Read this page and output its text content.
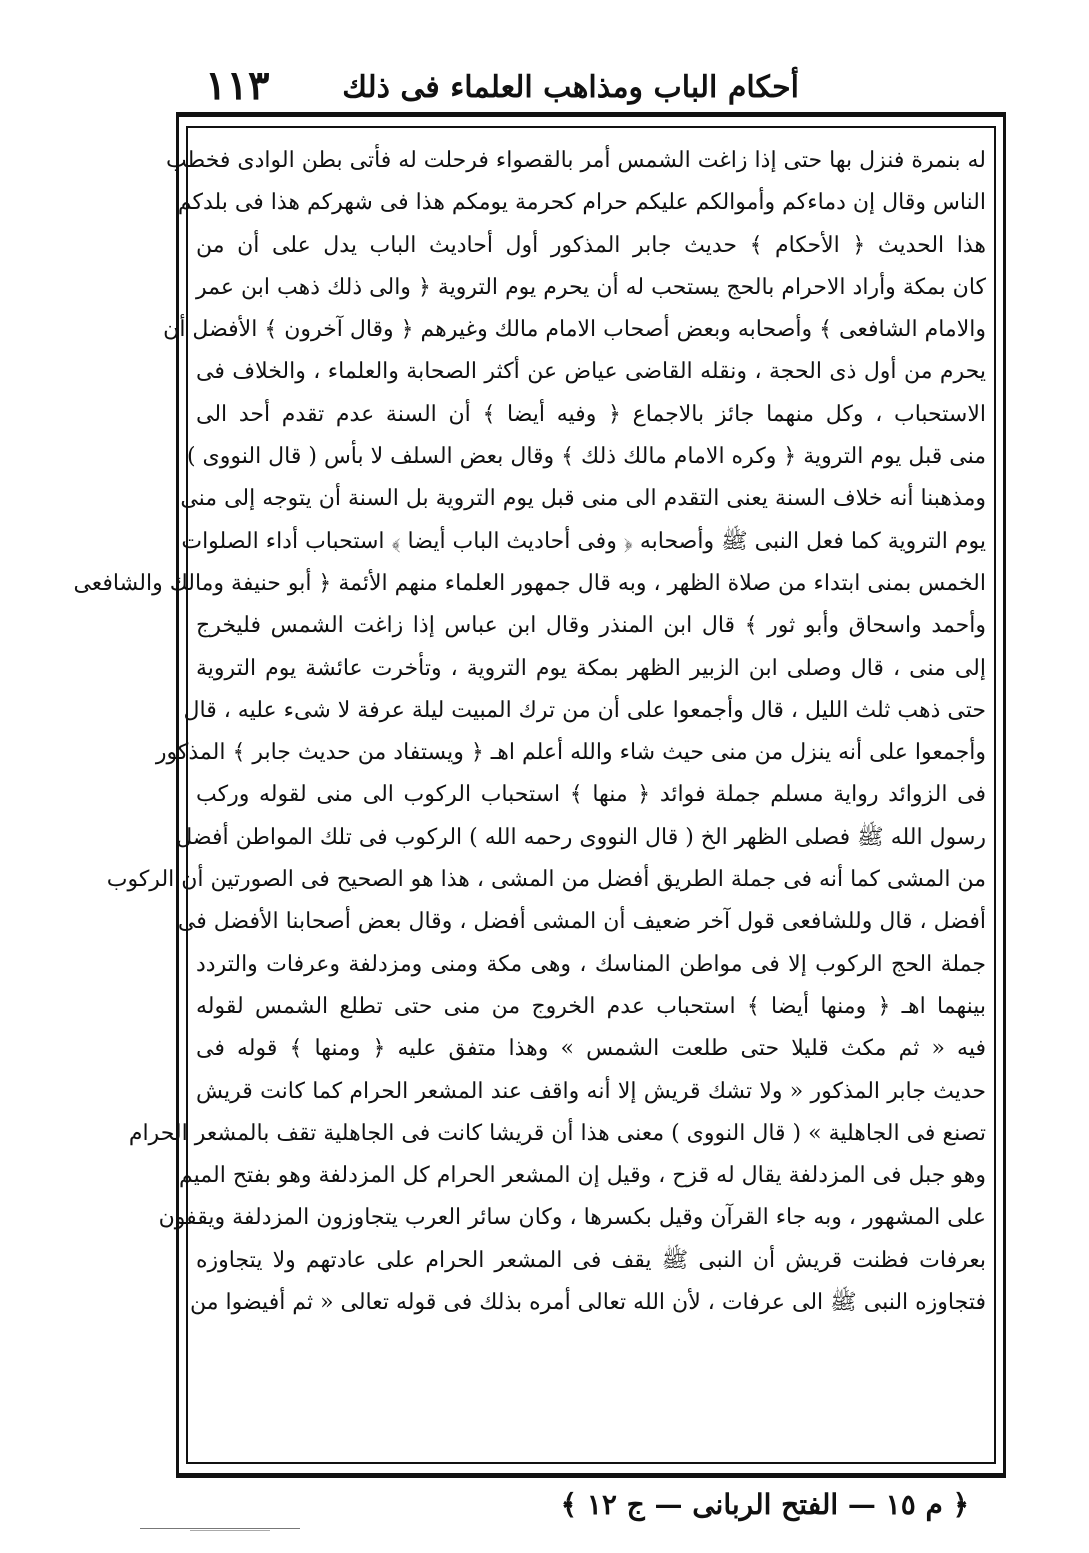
١١٣ أحكام الباب ومذاهب العلماء فى ذلك
له بنمرة فنزل بها حتى إذا زاغت الشمس أمر بالقصواء فرحلت له فأتى بطن الوادى فخطب
الناس وقال إن دماءكم وأموالكم عليكم حرام كحرمة يومكم هذا فى شهركم هذا فى بلدكم
هذا الحديث ﴿ الأحكام ﴾ حديث جابر المذكور أول أحاديث الباب يدل على أن من
كان بمكة وأراد الاحرام بالحج يستحب له أن يحرم يوم التروية ﴿ والى ذلك ذهب ابن عمر
والامام الشافعى ﴾ وأصحابه وبعض أصحاب الامام مالك وغيرهم ﴿ وقال آخرون ﴾ الأفضل أن
يحرم من أول ذى الحجة ، ونقله القاضى عياض عن أكثر الصحابة والعلماء ، والخلاف فى
الاستحباب ، وكل منهما جائز بالاجماع ﴿ وفيه أيضا ﴾ أن السنة عدم تقدم أحد الى
منى قبل يوم التروية ﴿ وكره الامام مالك ذلك ﴾ وقال بعض السلف لا بأس ( قال النووى )
ومذهبنا أنه خلاف السنة يعنى التقدم الى منى قبل يوم التروية بل السنة أن يتوجه إلى منى
يوم التروية كما فعل النبى ﷺ وأصحابه ﴿ وفى أحاديث الباب أيضا ﴾ استحباب أداء الصلوات
الخمس بمنى ابتداء من صلاة الظهر ، وبه قال جمهور العلماء منهم الأئمة ﴿ أبو حنيفة ومالك والشافعى
وأحمد واسحاق وأبو ثور ﴾ قال ابن المنذر وقال ابن عباس إذا زاغت الشمس فليخرج
إلى منى ، قال وصلى ابن الزبير الظهر بمكة يوم التروية ، وتأخرت عائشة يوم التروية
حتى ذهب ثلث الليل ، قال وأجمعوا على أن من ترك المبيت ليلة عرفة لا شىء عليه ، قال
وأجمعوا على أنه ينزل من منى حيث شاء والله أعلم اهـ ﴿ ويستفاد من حديث جابر ﴾ المذكور
فى الزوائد رواية مسلم جملة فوائد ﴿ منها ﴾ استحباب الركوب الى منى لقوله وركب
رسول الله ﷺ فصلى الظهر الخ ( قال النووى رحمه الله ) الركوب فى تلك المواطن أفضل
من المشى كما أنه فى جملة الطريق أفضل من المشى ، هذا هو الصحيح فى الصورتين أن الركوب
أفضل ، قال وللشافعى قول آخر ضعيف أن المشى أفضل ، وقال بعض أصحابنا الأفضل فى
جملة الحج الركوب إلا فى مواطن المناسك ، وهى مكة ومنى ومزدلفة وعرفات والتردد
بينهما اهـ ﴿ ومنها أيضا ﴾ استحباب عدم الخروج من منى حتى تطلع الشمس لقوله
فيه « ثم مكث قليلا حتى طلعت الشمس » وهذا متفق عليه ﴿ ومنها ﴾ قوله فى
حديث جابر المذكور « ولا تشك قريش إلا أنه واقف عند المشعر الحرام كما كانت قريش
تصنع فى الجاهلية » ( قال النووى ) معنى هذا أن قريشا كانت فى الجاهلية تقف بالمشعر الحرام
وهو جبل فى المزدلفة يقال له قزح ، وقيل إن المشعر الحرام كل المزدلفة وهو بفتح الميم
على المشهور ، وبه جاء القرآن وقيل بكسرها ، وكان سائر العرب يتجاوزون المزدلفة ويقفون
بعرفات فظنت قريش أن النبى ﷺ يقف فى المشعر الحرام على عادتهم ولا يتجاوزه
فتجاوزه النبى ﷺ الى عرفات ، لأن الله تعالى أمره بذلك فى قوله تعالى « ثم أفيضوا من
﴿ م ١٥ — الفتح الربانى — ج ١٢ ﴾
